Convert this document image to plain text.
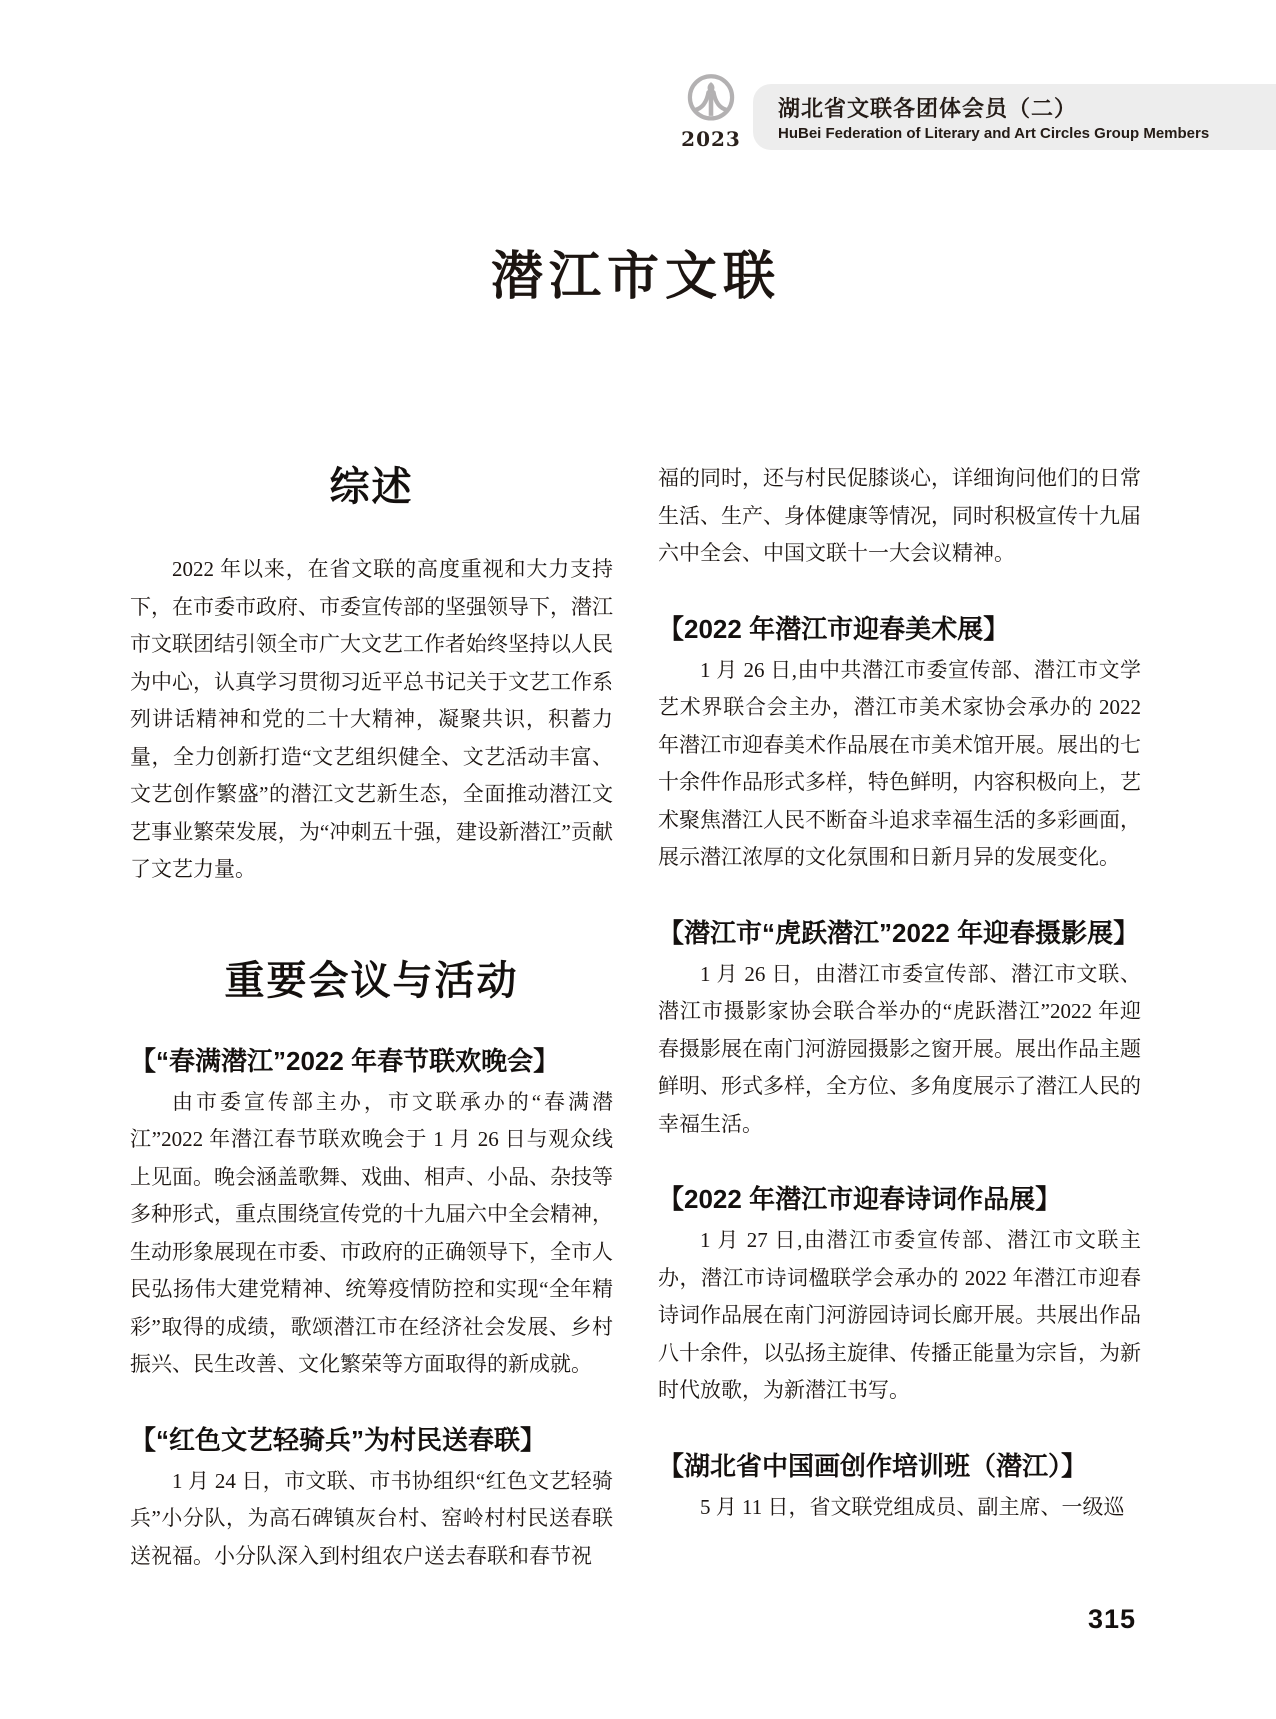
2023
湖北省文联各团体会员（二）
HuBei Federation of Literary and Art Circles Group Members
潜江市文联
综述

2022 年以来，在省文联的高度重视和大力支持下，在市委市政府、市委宣传部的坚强领导下，潜江市文联团结引领全市广大文艺工作者始终坚持以人民为中心，认真学习贯彻习近平总书记关于文艺工作系列讲话精神和党的二十大精神，凝聚共识，积蓄力量，全力创新打造“文艺组织健全、文艺活动丰富、文艺创作繁盛”的潜江文艺新生态，全面推动潜江文艺事业繁荣发展，为“冲刺五十强，建设新潜江”贡献了文艺力量。

重要会议与活动
【“春满潜江”2022 年春节联欢晚会】

由市委宣传部主办，市文联承办的“春满潜江”2022 年潜江春节联欢晚会于 1 月 26 日与观众线上见面。晚会涵盖歌舞、戏曲、相声、小品、杂技等多种形式，重点围绕宣传党的十九届六中全会精神，生动形象展现在市委、市政府的正确领导下，全市人民弘扬伟大建党精神、统筹疫情防控和实现“全年精彩”取得的成绩，歌颂潜江市在经济社会发展、乡村振兴、民生改善、文化繁荣等方面取得的新成就。

【“红色文艺轻骑兵”为村民送春联】

1 月 24 日，市文联、市书协组织“红色文艺轻骑兵”小分队，为高石碑镇灰台村、窑岭村村民送春联送祝福。小分队深入到村组农户送去春联和春节祝

福的同时，还与村民促膝谈心，详细询问他们的日常生活、生产、身体健康等情况，同时积极宣传十九届六中全会、中国文联十一大会议精神。

【2022 年潜江市迎春美术展】

1 月 26 日,由中共潜江市委宣传部、潜江市文学艺术界联合会主办，潜江市美术家协会承办的 2022 年潜江市迎春美术作品展在市美术馆开展。展出的七十余件作品形式多样，特色鲜明，内容积极向上，艺术聚焦潜江人民不断奋斗追求幸福生活的多彩画面，展示潜江浓厚的文化氛围和日新月异的发展变化。

【潜江市“虎跃潜江”2022 年迎春摄影展】

1 月 26 日，由潜江市委宣传部、潜江市文联、潜江市摄影家协会联合举办的“虎跃潜江”2022 年迎春摄影展在南门河游园摄影之窗开展。展出作品主题鲜明、形式多样，全方位、多角度展示了潜江人民的幸福生活。

【2022 年潜江市迎春诗词作品展】

1 月 27 日,由潜江市委宣传部、潜江市文联主办，潜江市诗词楹联学会承办的 2022 年潜江市迎春诗词作品展在南门河游园诗词长廊开展。共展出作品八十余件，以弘扬主旋律、传播正能量为宗旨，为新时代放歌，为新潜江书写。

【湖北省中国画创作培训班（潜江）】

5 月 11 日，省文联党组成员、副主席、一级巡

315
